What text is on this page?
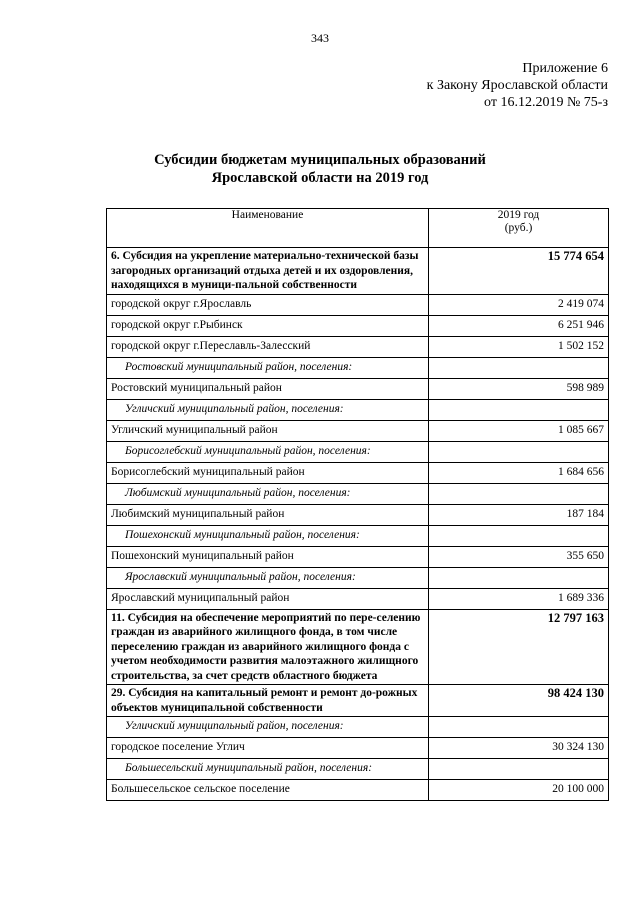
343
Приложение 6
к Закону Ярославской области
от 16.12.2019 № 75-з
Субсидии бюджетам муниципальных образований
Ярославской области на 2019 год
Наименование	2019 год
(руб.)

6. Субсидия на укрепление материально-технической базы загородных организаций отдыха детей и их оздоровления, находящихся в муници-пальной собственности	15 774 654
городской округ г.Ярославль	2 419 074
городской округ г.Рыбинск	6 251 946
городской округ г.Переславль-Залесский	1 502 152
Ростовский муниципальный район, поселения:	
Ростовский муниципальный район	598 989
Угличский муниципальный район, поселения:	
Угличский муниципальный район	1 085 667
Борисоглебский муниципальный район, поселения:	
Борисоглебский муниципальный район	1 684 656
Любимский муниципальный район, поселения:	
Любимский муниципальный район	187 184
Пошехонский муниципальный район, поселения:	
Пошехонский муниципальный район	355 650
Ярославский муниципальный район, поселения:	
Ярославский муниципальный район	1 689 336
11. Субсидия на обеспечение мероприятий по пере-селению граждан из аварийного жилищного фонда, в том числе переселению граждан из аварийного жилищного фонда с учетом необходимости развития малоэтажного жилищного строительства, за счет средств областного бюджета	12 797 163
29. Субсидия на капитальный ремонт и ремонт до-рожных объектов муниципальной собственности	98 424 130
Угличский муниципальный район, поселения:	
городское поселение Углич	30 324 130
Большесельский муниципальный район, поселения:	
Большесельское сельское поселение	20 100 000
